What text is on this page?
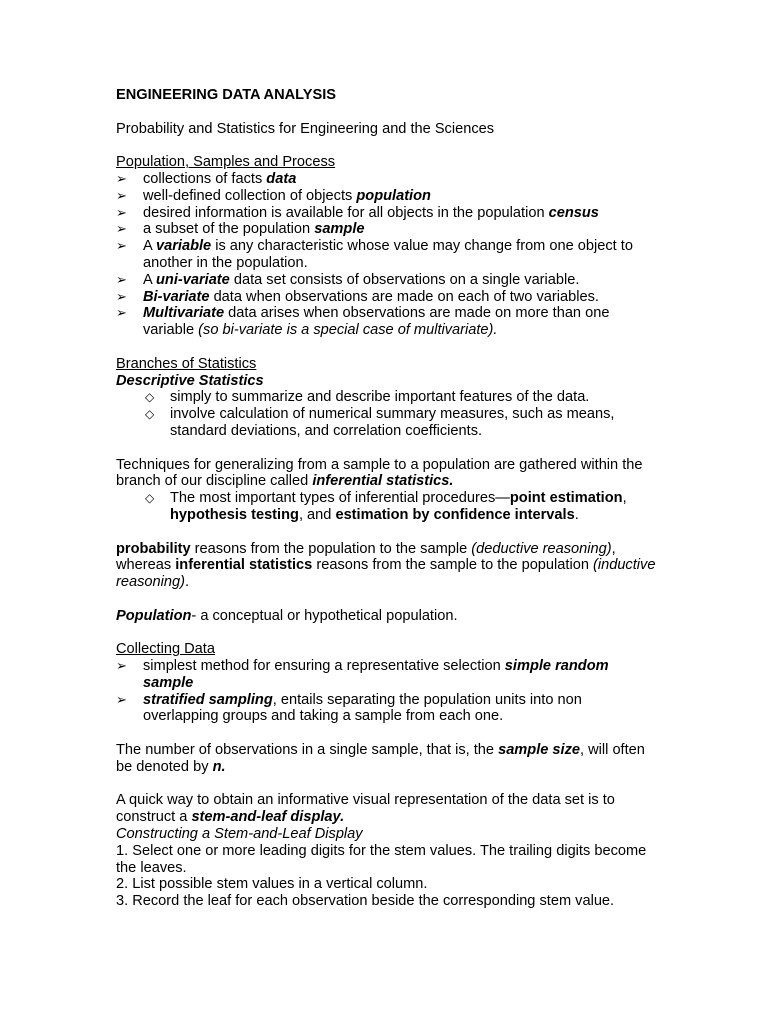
ENGINEERING DATA ANALYSIS

Probability and Statistics for Engineering and the Sciences

Population, Samples and Process

➢ collections of facts data
➢ well-defined collection of objects population
➢ desired information is available for all objects in the population census
➢ a subset of the population sample
➢ A variable is any characteristic whose value may change from one object to another in the population.
➢ A uni-variate data set consists of observations on a single variable.
➢ Bi-variate data when observations are made on each of two variables.
➢ Multivariate data arises when observations are made on more than one variable (so bi-variate is a special case of multivariate).

Branches of Statistics

Descriptive Statistics

◇ simply to summarize and describe important features of the data.
◇ involve calculation of numerical summary measures, such as means, standard deviations, and correlation coefficients.

Techniques for generalizing from a sample to a population are gathered within the branch of our discipline called inferential statistics.

◇ The most important types of inferential procedures—point estimation, hypothesis testing, and estimation by confidence intervals.

probability reasons from the population to the sample (deductive reasoning), whereas inferential statistics reasons from the sample to the population (inductive reasoning).

Population- a conceptual or hypothetical population.

Collecting Data

➢ simplest method for ensuring a representative selection simple random sample
➢ stratified sampling, entails separating the population units into non overlapping groups and taking a sample from each one.

The number of observations in a single sample, that is, the sample size, will often be denoted by n.

A quick way to obtain an informative visual representation of the data set is to construct a stem-and-leaf display.

Constructing a Stem-and-Leaf Display

1. Select one or more leading digits for the stem values. The trailing digits become the leaves.

2. List possible stem values in a vertical column.

3. Record the leaf for each observation beside the corresponding stem value.
